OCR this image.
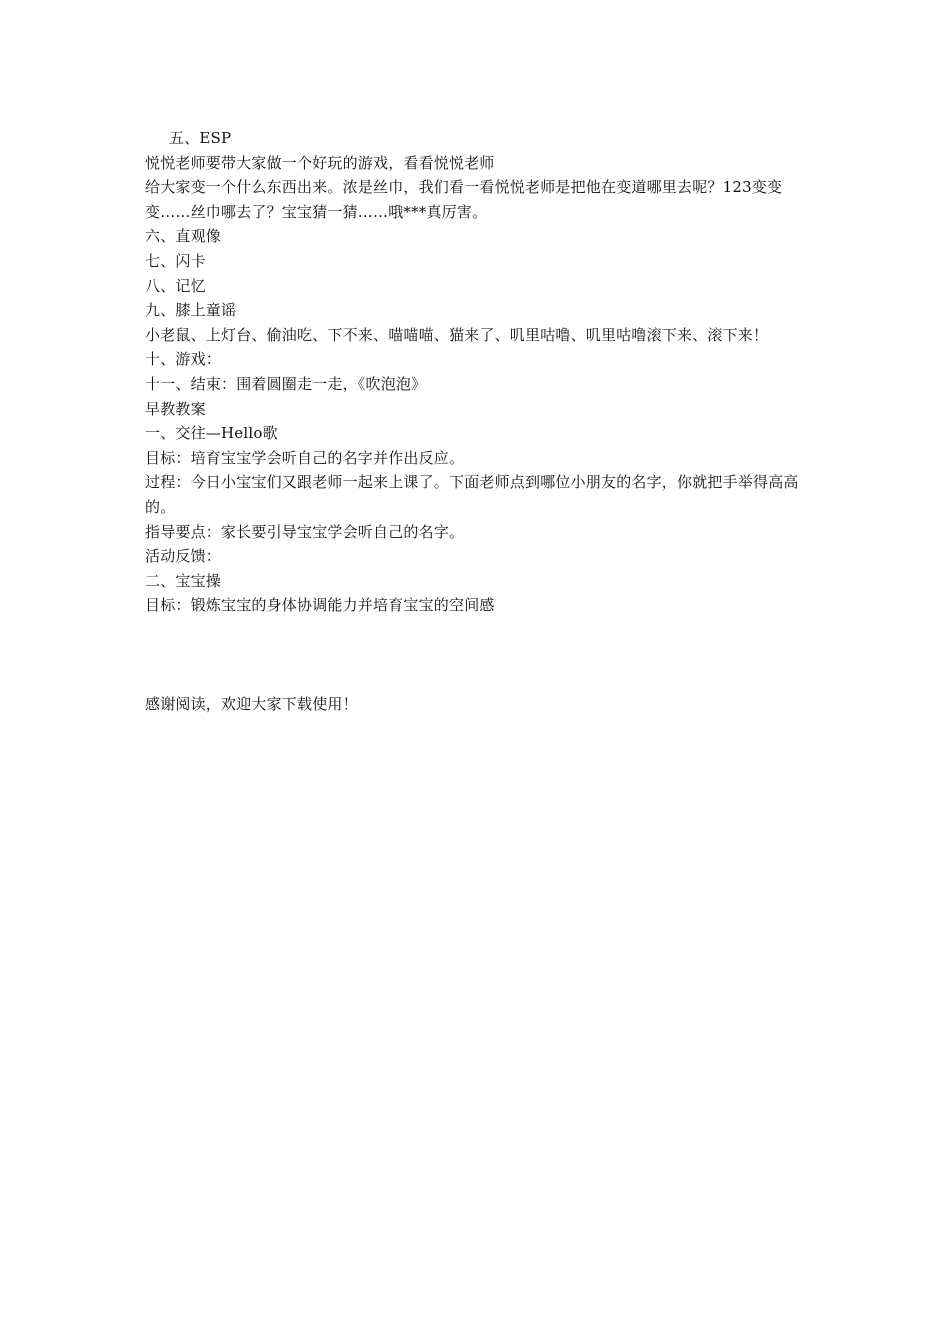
五、ESP
悦悦老师要带大家做一个好玩的游戏，看看悦悦老师
给大家变一个什么东西出来。浓是丝巾，我们看一看悦悦老师是把他在变道哪里去呢？123变变变……丝巾哪去了？宝宝猜一猜……哦***真厉害。
六、直观像
七、闪卡
八、记忆
九、膝上童谣
小老鼠、上灯台、偷油吃、下不来、喵喵喵、猫来了、叽里咕噜、叽里咕噜滚下来、滚下来！
十、游戏：
十一、结束：围着圆圈走一走，《吹泡泡》
早教教案
一、交往—Hello歌
目标：培育宝宝学会听自己的名字并作出反应。
过程：今日小宝宝们又跟老师一起来上课了。下面老师点到哪位小朋友的名字，你就把手举得高高的。
指导要点：家长要引导宝宝学会听自己的名字。
活动反馈：
二、宝宝操
目标：锻炼宝宝的身体协调能力并培育宝宝的空间感
感谢阅读，欢迎大家下载使用！
